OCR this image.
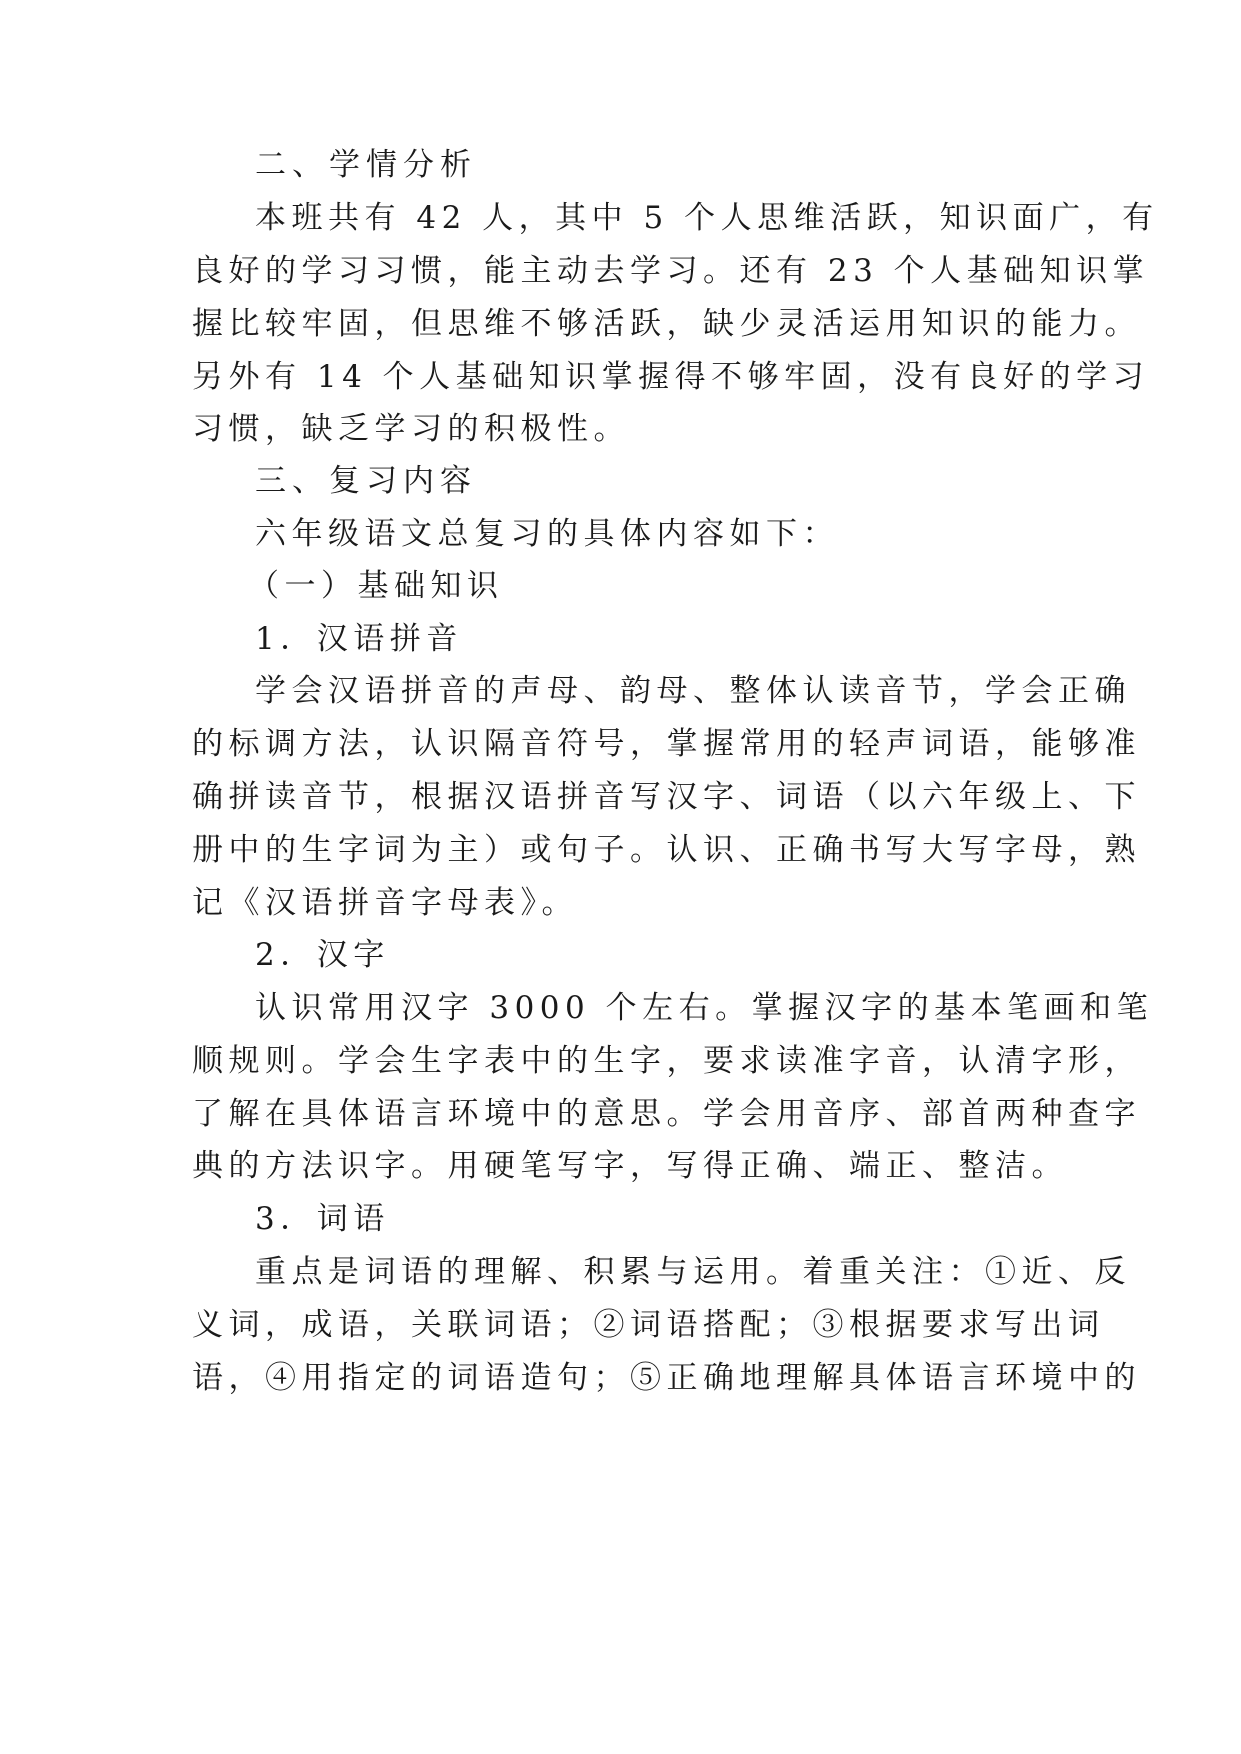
二、学情分析

本班共有 42 人，其中 5 个人思维活跃，知识面广，有

良好的学习习惯，能主动去学习。还有 23 个人基础知识掌

握比较牢固，但思维不够活跃，缺少灵活运用知识的能力。

另外有 14 个人基础知识掌握得不够牢固，没有良好的学习

习惯，缺乏学习的积极性。

三、复习内容

六年级语文总复习的具体内容如下：

（一）基础知识

1．汉语拼音

学会汉语拼音的声母、韵母、整体认读音节，学会正确

的标调方法，认识隔音符号，掌握常用的轻声词语，能够准

确拼读音节，根据汉语拼音写汉字、词语（以六年级上、下

册中的生字词为主）或句子。认识、正确书写大写字母，熟

记《汉语拼音字母表》。

2．汉字

认识常用汉字 3000 个左右。掌握汉字的基本笔画和笔

顺规则。学会生字表中的生字，要求读准字音，认清字形，

了解在具体语言环境中的意思。学会用音序、部首两种查字

典的方法识字。用硬笔写字，写得正确、端正、整洁。

3．词语

重点是词语的理解、积累与运用。着重关注：①近、反

义词，成语，关联词语；②词语搭配；③根据要求写出词

语，④用指定的词语造句；⑤正确地理解具体语言环境中的
